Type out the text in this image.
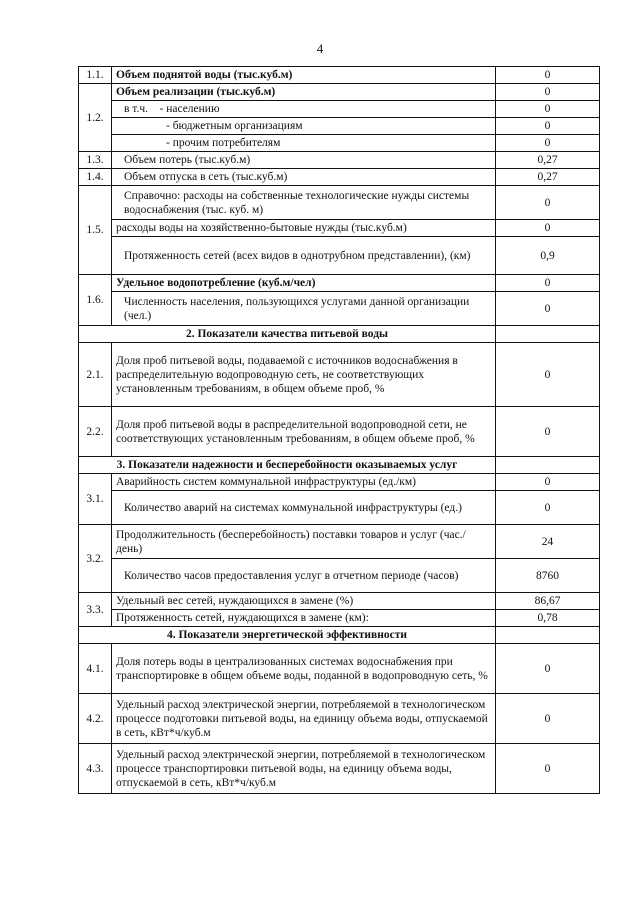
4
1.1.	Объем поднятой воды (тыс.куб.м)	0
1.2.	Объем реализации (тыс.куб.м)	0
	в т.ч. - населению	0
	- бюджетным организациям	0
	- прочим потребителям	0
1.3.	Объем потерь (тыс.куб.м)	0,27
1.4.	Объем отпуска в сеть (тыс.куб.м)	0,27
1.5.	Справочно: расходы на собственные технологические нужды системы водоснабжения (тыс. куб. м)	0
	расходы воды на хозяйственно-бытовые нужды (тыс.куб.м)	0
	Протяженность сетей (всех видов в однотрубном представлении), (км)	0,9
1.6.	Удельное водопотребление (куб.м/чел)	0
	Численность населения, пользующихся услугами данной организации (чел.)	0
2. Показатели качества питьевой воды		
2.1.	Доля проб питьевой воды, подаваемой с источников водоснабжения в распределительную водопроводную сеть, не соответствующих установленным требованиям, в общем объеме проб, %	0
2.2.	Доля проб питьевой воды в распределительной водопроводной сети, не соответствующих установленным требованиям, в общем объеме проб, %	0
3. Показатели надежности и бесперебойности оказываемых услуг		
3.1.	Аварийность систем коммунальной инфраструктуры (ед./км)	0
	Количество аварий на системах коммунальной инфраструктуры (ед.)	0
3.2.	Продолжительность (бесперебойность) поставки товаров и услуг (час./день)	24
	Количество часов предоставления услуг в отчетном периоде (часов)	8760
3.3.	Удельный вес сетей, нуждающихся в замене (%)	86,67
	Протяженность сетей, нуждающихся в замене (км):	0,78
4. Показатели энергетической эффективности		
4.1.	Доля потерь воды в централизованных системах водоснабжения при транспортировке в общем объеме воды, поданной в водопроводную сеть, %	0
4.2.	Удельный расход электрической энергии, потребляемой в технологическом процессе подготовки питьевой воды, на единицу объема воды, отпускаемой в сеть, кВт*ч/куб.м	0
4.3.	Удельный расход электрической энергии, потребляемой в технологическом процессе транспортировки питьевой воды, на единицу объема воды, отпускаемой в сеть, кВт*ч/куб.м	0
